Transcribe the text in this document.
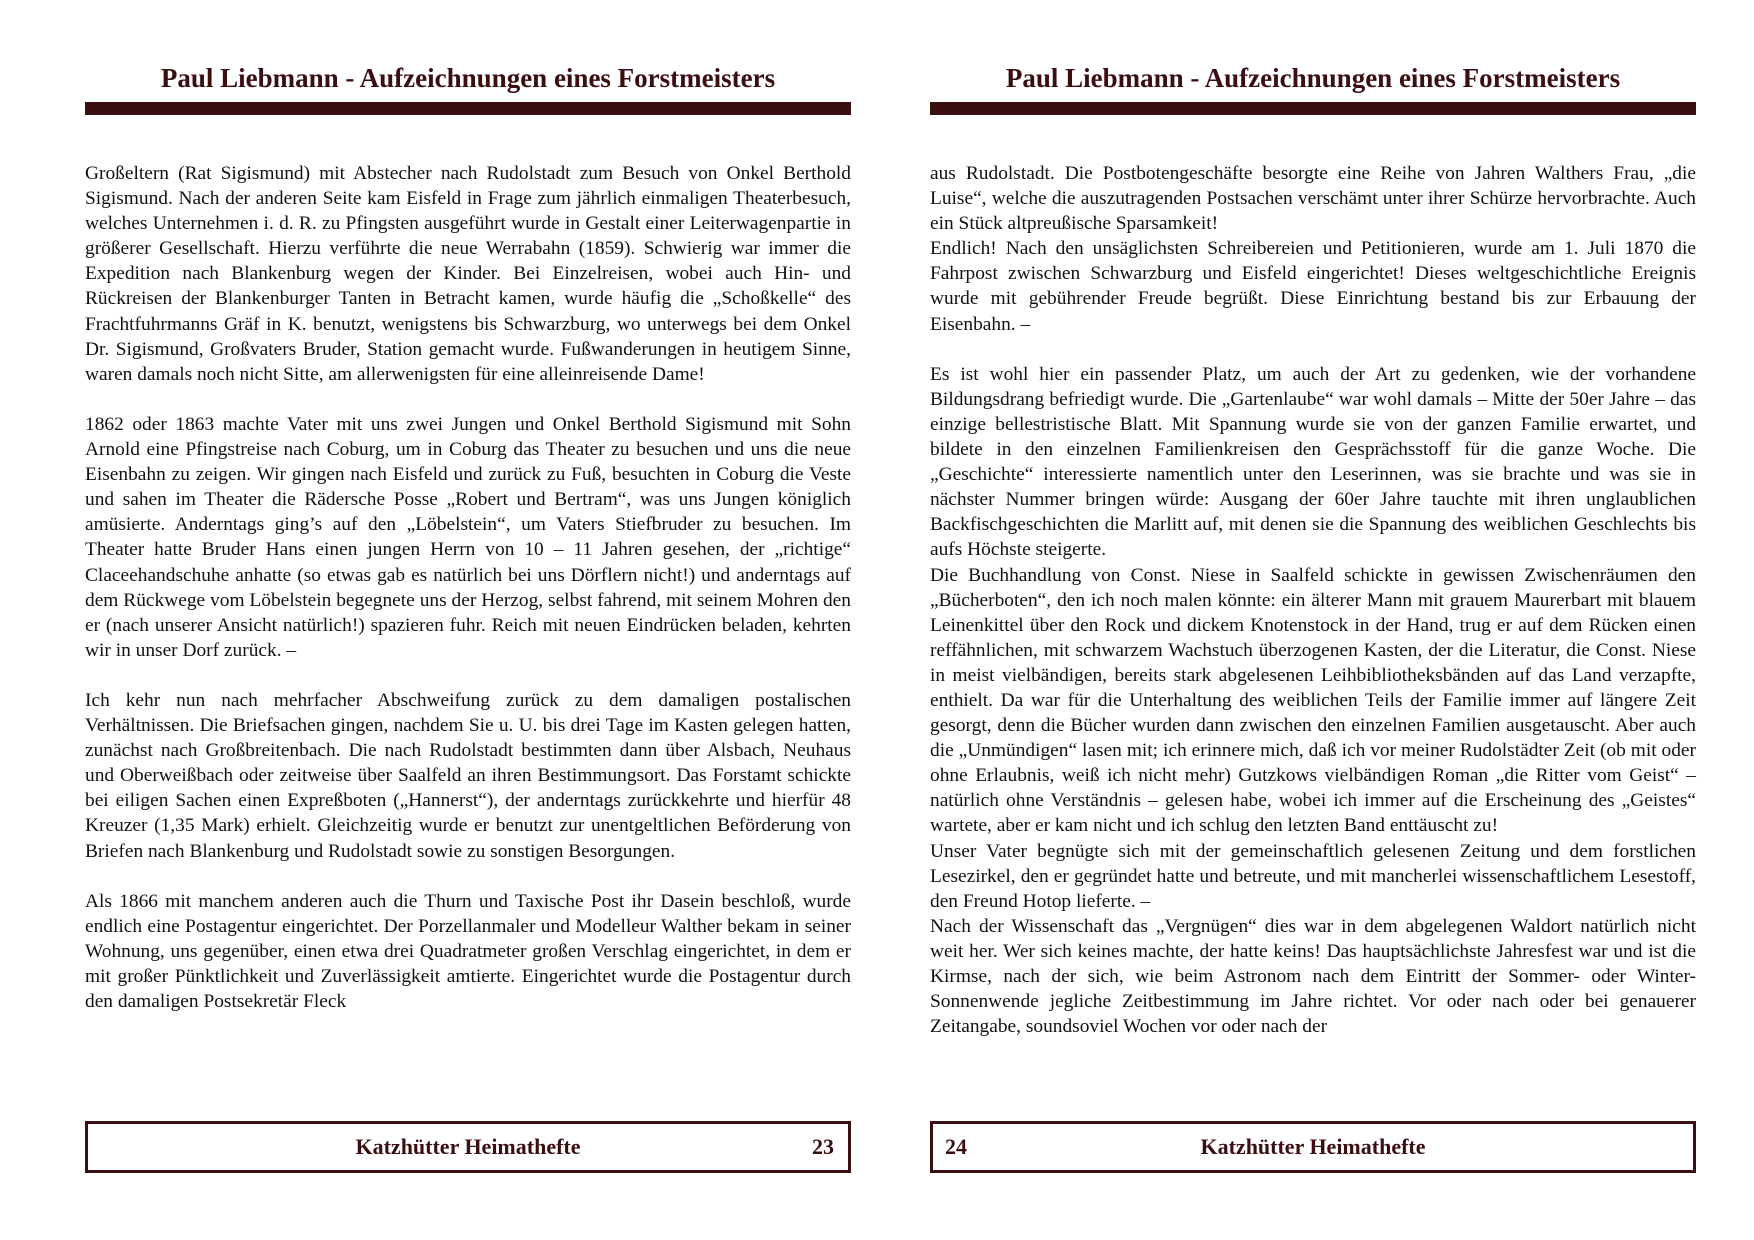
Paul Liebmann - Aufzeichnungen eines Forstmeisters

Großeltern (Rat Sigismund) mit Abstecher nach Rudolstadt zum Besuch von Onkel Berthold Sigismund. Nach der anderen Seite kam Eisfeld in Frage zum jährlich einmaligen Theaterbesuch, welches Unternehmen i. d. R. zu Pfingsten ausgeführt wurde in Gestalt einer Leiterwagenpartie in größerer Gesellschaft. Hierzu verführte die neue Werrabahn (1859). Schwierig war immer die Expedition nach Blankenburg wegen der Kinder. Bei Einzelreisen, wobei auch Hin- und Rückreisen der Blankenburger Tanten in Betracht kamen, wurde häufig die „Schoßkelle“ des Frachtfuhrmanns Gräf in K. benutzt, wenigstens bis Schwarzburg, wo unterwegs bei dem Onkel Dr. Sigismund, Großvaters Bruder, Station gemacht wurde. Fußwanderungen in heutigem Sinne, waren damals noch nicht Sitte, am allerwenigsten für eine alleinreisende Dame!

1862 oder 1863 machte Vater mit uns zwei Jungen und Onkel Berthold Sigismund mit Sohn Arnold eine Pfingstreise nach Coburg, um in Coburg das Theater zu besuchen und uns die neue Eisenbahn zu zeigen. Wir gingen nach Eisfeld und zurück zu Fuß, besuchten in Coburg die Veste und sahen im Theater die Rädersche Posse „Robert und Bertram“, was uns Jungen königlich amüsierte. Anderntags ging’s auf den „Löbelstein“, um Vaters Stiefbruder zu besuchen. Im Theater hatte Bruder Hans einen jungen Herrn von 10 – 11 Jahren gesehen, der „richtige“ Claceehandschuhe anhatte (so etwas gab es natürlich bei uns Dörflern nicht!) und anderntags auf dem Rückwege vom Löbelstein begegnete uns der Herzog, selbst fahrend, mit seinem Mohren den er (nach unserer Ansicht natürlich!) spazieren fuhr. Reich mit neuen Eindrücken beladen, kehrten wir in unser Dorf zurück. –

Ich kehr nun nach mehrfacher Abschweifung zurück zu dem damaligen postalischen Verhältnissen. Die Briefsachen gingen, nachdem Sie u. U. bis drei Tage im Kasten gelegen hatten, zunächst nach Großbreitenbach. Die nach Rudolstadt bestimmten dann über Alsbach, Neuhaus und Oberweißbach oder zeitweise über Saalfeld an ihren Bestimmungsort. Das Forstamt schickte bei eiligen Sachen einen Expreßboten („Hannerst“), der anderntags zurückkehrte und hierfür 48 Kreuzer (1,35 Mark) erhielt. Gleichzeitig wurde er benutzt zur unentgeltlichen Beförderung von Briefen nach Blankenburg und Rudolstadt sowie zu sonstigen Besorgungen.

Als 1866 mit manchem anderen auch die Thurn und Taxische Post ihr Dasein beschloß, wurde endlich eine Postagentur eingerichtet. Der Porzellanmaler und Modelleur Walther bekam in seiner Wohnung, uns gegenüber, einen etwa drei Quadratmeter großen Verschlag eingerichtet, in dem er mit großer Pünktlichkeit und Zuverlässigkeit amtierte. Eingerichtet wurde die Postagentur durch den damaligen Postsekretär Fleck

Katzhütter Heimathefte	23
Paul Liebmann - Aufzeichnungen eines Forstmeisters

aus Rudolstadt. Die Postbotengeschäfte besorgte eine Reihe von Jahren Walthers Frau, „die Luise“, welche die auszutragenden Postsachen verschämt unter ihrer Schürze hervorbrachte. Auch ein Stück altpreußische Sparsamkeit!

Endlich! Nach den unsäglichsten Schreibereien und Petitionieren, wurde am 1. Juli 1870 die Fahrpost zwischen Schwarzburg und Eisfeld eingerichtet! Dieses weltgeschichtliche Ereignis wurde mit gebührender Freude begrüßt. Diese Einrichtung bestand bis zur Erbauung der Eisenbahn. –

Es ist wohl hier ein passender Platz, um auch der Art zu gedenken, wie der vorhandene Bildungsdrang befriedigt wurde. Die „Gartenlaube“ war wohl damals – Mitte der 50er Jahre – das einzige bellestristische Blatt. Mit Spannung wurde sie von der ganzen Familie erwartet, und bildete in den einzelnen Familienkreisen den Gesprächsstoff für die ganze Woche. Die „Geschichte“ interessierte namentlich unter den Leserinnen, was sie brachte und was sie in nächster Nummer bringen würde: Ausgang der 60er Jahre tauchte mit ihren unglaublichen Backfischgeschichten die Marlitt auf, mit denen sie die Spannung des weiblichen Geschlechts bis aufs Höchste steigerte.

Die Buchhandlung von Const. Niese in Saalfeld schickte in gewissen Zwischenräumen den „Bücherboten“, den ich noch malen könnte: ein älterer Mann mit grauem Maurerbart mit blauem Leinenkittel über den Rock und dickem Knotenstock in der Hand, trug er auf dem Rücken einen reffähnlichen, mit schwarzem Wachstuch überzogenen Kasten, der die Literatur, die Const. Niese in meist vielbändigen, bereits stark abgelesenen Leihbibliotheksbänden auf das Land verzapfte, enthielt. Da war für die Unterhaltung des weiblichen Teils der Familie immer auf längere Zeit gesorgt, denn die Bücher wurden dann zwischen den einzelnen Familien ausgetauscht. Aber auch die „Unmündigen“ lasen mit; ich erinnere mich, daß ich vor meiner Rudolstädter Zeit (ob mit oder ohne Erlaubnis, weiß ich nicht mehr) Gutzkows vielbändigen Roman „die Ritter vom Geist“ – natürlich ohne Verständnis – gelesen habe, wobei ich immer auf die Erscheinung des „Geistes“ wartete, aber er kam nicht und ich schlug den letzten Band enttäuscht zu!

Unser Vater begnügte sich mit der gemeinschaftlich gelesenen Zeitung und dem forstlichen Lesezirkel, den er gegründet hatte und betreute, und mit mancherlei wissenschaftlichem Lesestoff, den Freund Hotop lieferte. –

Nach der Wissenschaft das „Vergnügen“ dies war in dem abgelegenen Waldort natürlich nicht weit her. Wer sich keines machte, der hatte keins! Das hauptsächlichste Jahresfest war und ist die Kirmse, nach der sich, wie beim Astronom nach dem Eintritt der Sommer- oder Winter-Sonnenwende jegliche Zeitbestimmung im Jahre richtet. Vor oder nach oder bei genauerer Zeitangabe, soundsoviel Wochen vor oder nach der

24	Katzhütter Heimathefte
